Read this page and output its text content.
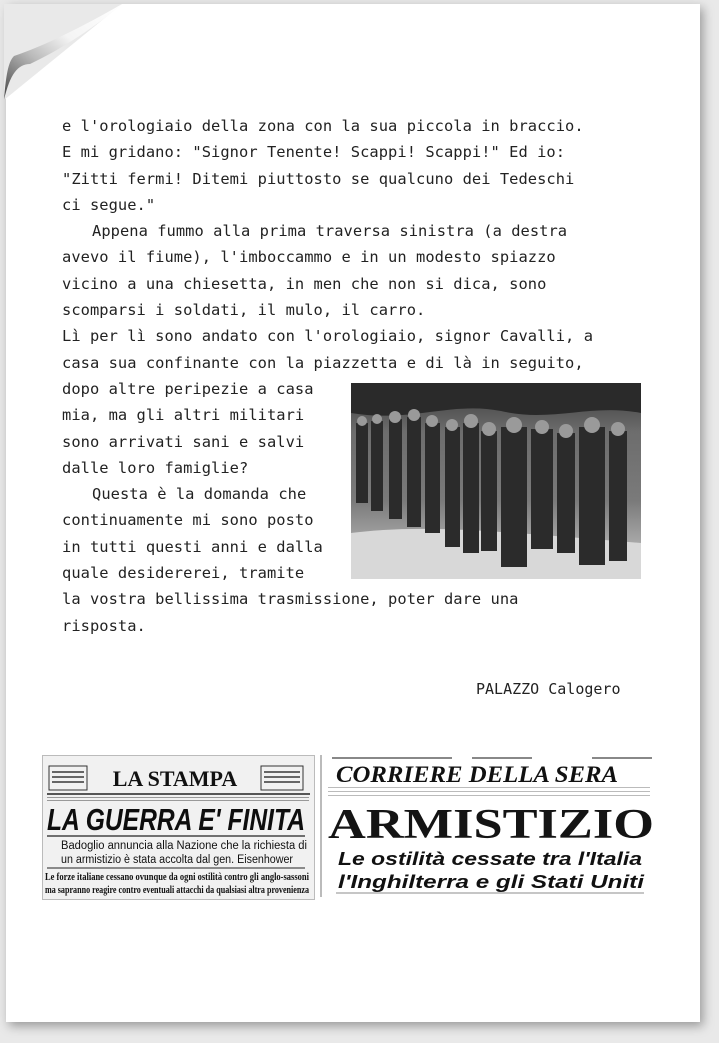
e l'orologiaio della zona con la sua piccola in braccio.
E mi gridano: "Signor Tenente! Scappi! Scappi!" Ed io:
"Zitti fermi! Ditemi piuttosto se qualcuno dei Tedeschi
ci segue."
Appena fummo alla prima traversa sinistra (a destra
avevo il fiume), l'imboccammo e in un modesto spiazzo
vicino a una chiesetta, in men che non si dica, sono
scomparsi i soldati, il mulo, il carro.
Lì per lì sono andato con l'orologiaio, signor Cavalli, a
casa sua confinante con la piazzetta e di là in seguito,
dopo altre peripezie a casa
mia, ma gli altri militari
sono arrivati sani e salvi
dalle loro famiglie?
Questa è la domanda che
continuamente mi sono posto
in tutti questi anni e dalla
quale desidererei, tramite
la vostra bellissima trasmissione, poter dare una
risposta.
PALAZZO Calogero
LA STAMPA
LA GUERRA E' FINITA
Badoglio annuncia alla Nazione che la richiesta di
un armistizio è stata accolta dal gen. Eisenhower
Le forze italiane cessano ovunque da ogni ostilità contro gli anglo-sassoni
ma sapranno reagire contro eventuali attacchi da qualsiasi altra provenienza
CORRIERE DELLA SERA
ARMISTIZIO
Le ostilità cessate tra l'Italia
l'Inghilterra e gli Stati Uniti
